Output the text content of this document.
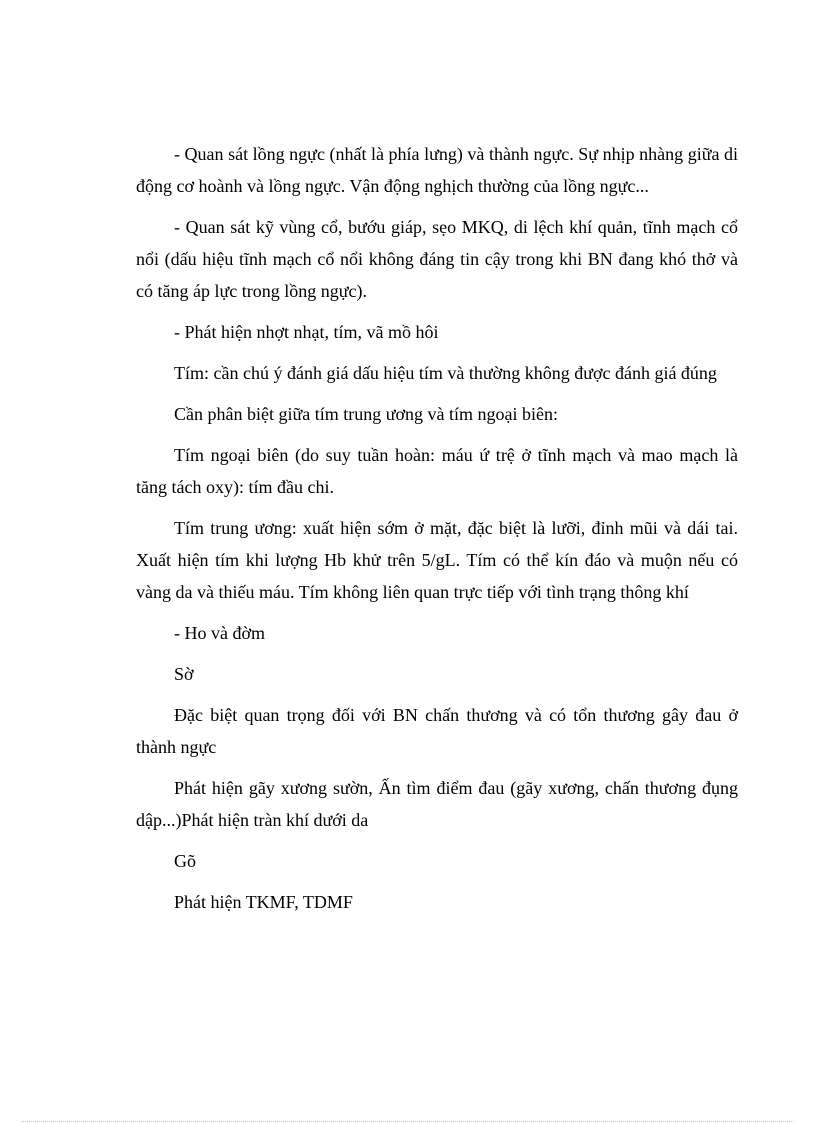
- Quan sát lồng ngực (nhất là phía lưng) và thành ngực. Sự nhịp nhàng giữa di động cơ hoành và lồng ngực. Vận động nghịch thường của lồng ngực...

- Quan sát kỹ vùng cổ, bướu giáp, sẹo MKQ, di lệch khí quản, tĩnh mạch cổ nổi (dấu hiệu tĩnh mạch cổ nổi không đáng tin cậy trong khi BN đang khó thở và có tăng áp lực trong lồng ngực).

- Phát hiện nhợt nhạt, tím, vã mồ hôi

Tím: cần chú ý đánh giá dấu hiệu tím và thường không được đánh giá đúng

Cần phân biệt giữa tím trung ương và tím ngoại biên:

Tím ngoại biên (do suy tuần hoàn: máu ứ trệ ở tĩnh mạch và mao mạch là tăng tách oxy): tím đầu chi.

Tím trung ương: xuất hiện sớm ở mặt, đặc biệt là lưỡi, đỉnh mũi và dái tai. Xuất hiện tím khi lượng Hb khử trên 5/gL. Tím có thể kín đáo và muộn nếu có vàng da và thiếu máu. Tím không liên quan trực tiếp với tình trạng thông khí

- Ho và đờm

Sờ

Đặc biệt quan trọng đối với BN chấn thương và có tổn thương gây đau ở thành ngực

Phát hiện gãy xương sườn, Ấn tìm điểm đau (gãy xương, chấn thương đụng dập...)Phát hiện tràn khí dưới da

Gõ

Phát hiện TKMF, TDMF
